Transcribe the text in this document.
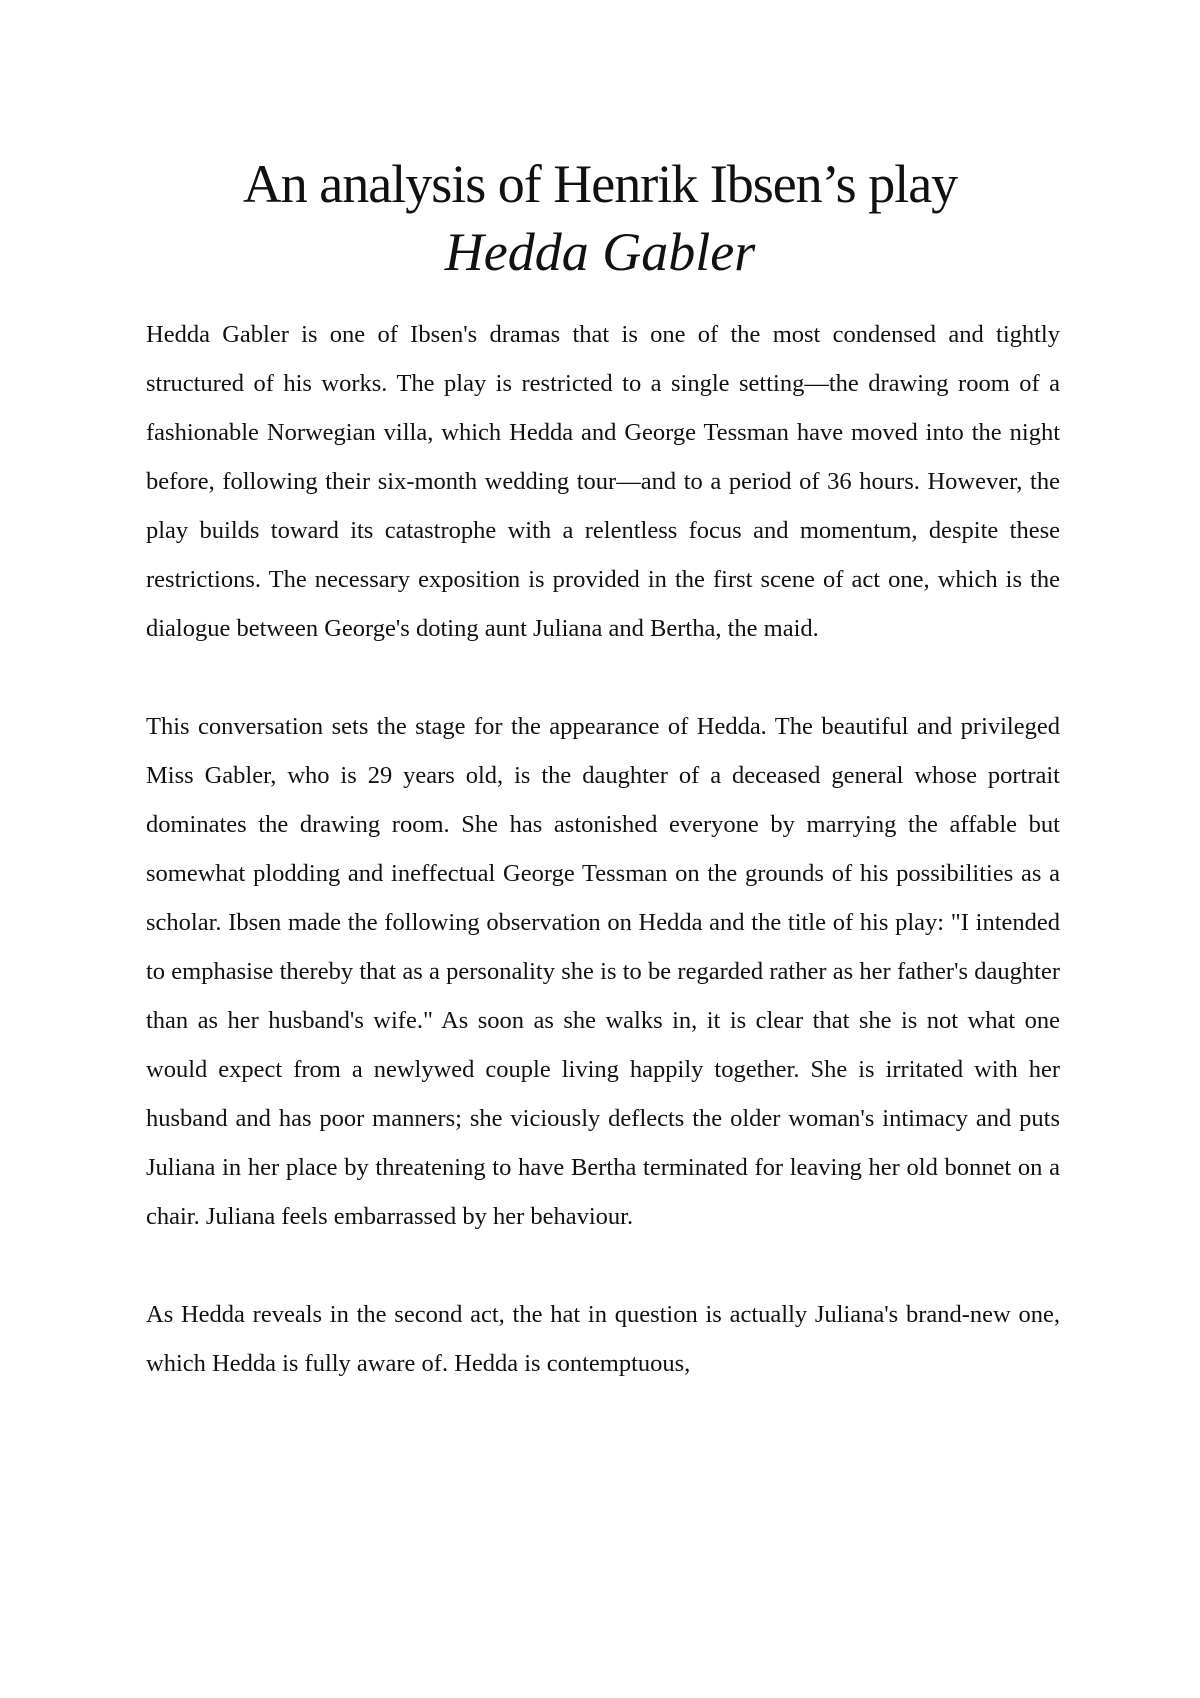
An analysis of Henrik Ibsen’s play
Hedda Gabler

Hedda Gabler is one of Ibsen's dramas that is one of the most condensed and tightly structured of his works. The play is restricted to a single setting—the drawing room of a fashionable Norwegian villa, which Hedda and George Tessman have moved into the night before, following their six-month wedding tour—and to a period of 36 hours. However, the play builds toward its catastrophe with a relentless focus and momentum, despite these restrictions. The necessary exposition is provided in the first scene of act one, which is the dialogue between George's doting aunt Juliana and Bertha, the maid.

This conversation sets the stage for the appearance of Hedda. The beautiful and privileged Miss Gabler, who is 29 years old, is the daughter of a deceased general whose portrait dominates the drawing room. She has astonished everyone by marrying the affable but somewhat plodding and ineffectual George Tessman on the grounds of his possibilities as a scholar. Ibsen made the following observation on Hedda and the title of his play: "I intended to emphasise thereby that as a personality she is to be regarded rather as her father's daughter than as her husband's wife." As soon as she walks in, it is clear that she is not what one would expect from a newlywed couple living happily together. She is irritated with her husband and has poor manners; she viciously deflects the older woman's intimacy and puts Juliana in her place by threatening to have Bertha terminated for leaving her old bonnet on a chair. Juliana feels embarrassed by her behaviour.

As Hedda reveals in the second act, the hat in question is actually Juliana's brand-new one, which Hedda is fully aware of. Hedda is contemptuous,
